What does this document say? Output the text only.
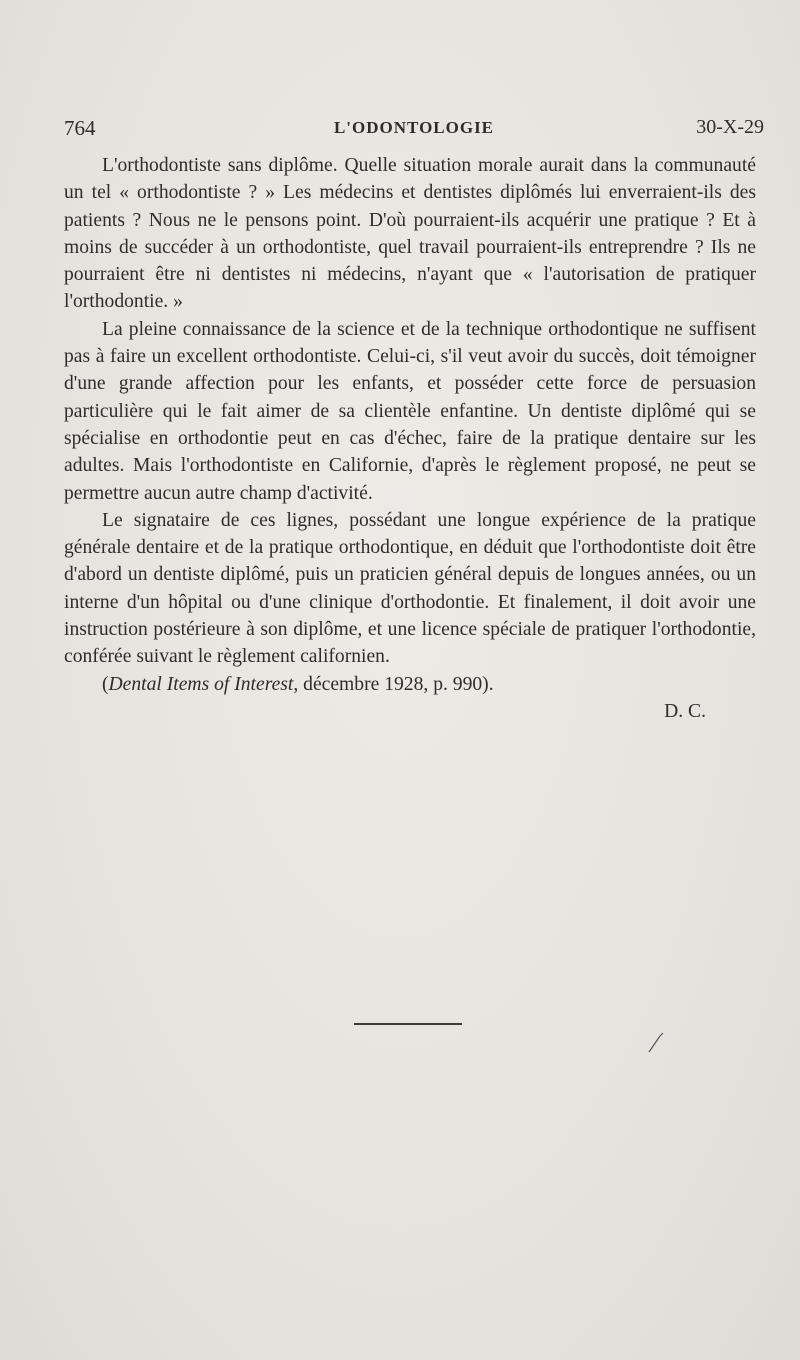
764	L'ODONTOLOGIE	30-X-29

L'orthodontiste sans diplôme. Quelle situation morale aurait dans la communauté un tel « orthodontiste ? » Les médecins et dentistes diplômés lui enverraient-ils des patients ? Nous ne le pensons point. D'où pourraient-ils acquérir une pratique ? Et à moins de succéder à un orthodontiste, quel travail pourraient-ils entreprendre ? Ils ne pourraient être ni dentistes ni médecins, n'ayant que « l'autorisation de pratiquer l'orthodontie. »

La pleine connaissance de la science et de la technique orthodontique ne suffisent pas à faire un excellent orthodontiste. Celui-ci, s'il veut avoir du succès, doit témoigner d'une grande affection pour les enfants, et posséder cette force de persuasion particulière qui le fait aimer de sa clientèle enfantine. Un dentiste diplômé qui se spécialise en orthodontie peut en cas d'échec, faire de la pratique dentaire sur les adultes. Mais l'orthodontiste en Californie, d'après le règlement proposé, ne peut se permettre aucun autre champ d'activité.

Le signataire de ces lignes, possédant une longue expérience de la pratique générale dentaire et de la pratique orthodontique, en déduit que l'orthodontiste doit être d'abord un dentiste diplômé, puis un praticien général depuis de longues années, ou un interne d'un hôpital ou d'une clinique d'orthodontie. Et finalement, il doit avoir une instruction postérieure à son diplôme, et une licence spéciale de pratiquer l'orthodontie, conférée suivant le règlement californien.

(Dental Items of Interest, décembre 1928, p. 990).

D. C.
